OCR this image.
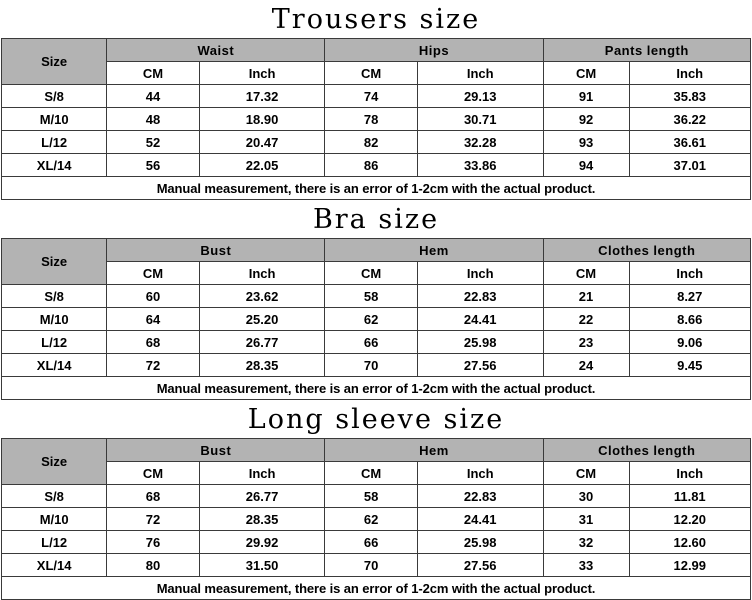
Trousers size
Size	Waist		Hips		Pants length	
	CM	Inch	CM	Inch	CM	Inch
S/8	44	17.32	74	29.13	91	35.83
M/10	48	18.90	78	30.71	92	36.22
L/12	52	20.47	82	32.28	93	36.61
XL/14	56	22.05	86	33.86	94	37.01
Manual measurement, there is an error of 1-2cm with the actual product.						
Bra size
Size	Bust		Hem		Clothes length	
	CM	Inch	CM	Inch	CM	Inch
S/8	60	23.62	58	22.83	21	8.27
M/10	64	25.20	62	24.41	22	8.66
L/12	68	26.77	66	25.98	23	9.06
XL/14	72	28.35	70	27.56	24	9.45
Manual measurement, there is an error of 1-2cm with the actual product.						
Long sleeve size
Size	Bust		Hem		Clothes length	
	CM	Inch	CM	Inch	CM	Inch
S/8	68	26.77	58	22.83	30	11.81
M/10	72	28.35	62	24.41	31	12.20
L/12	76	29.92	66	25.98	32	12.60
XL/14	80	31.50	70	27.56	33	12.99
Manual measurement, there is an error of 1-2cm with the actual product.						
